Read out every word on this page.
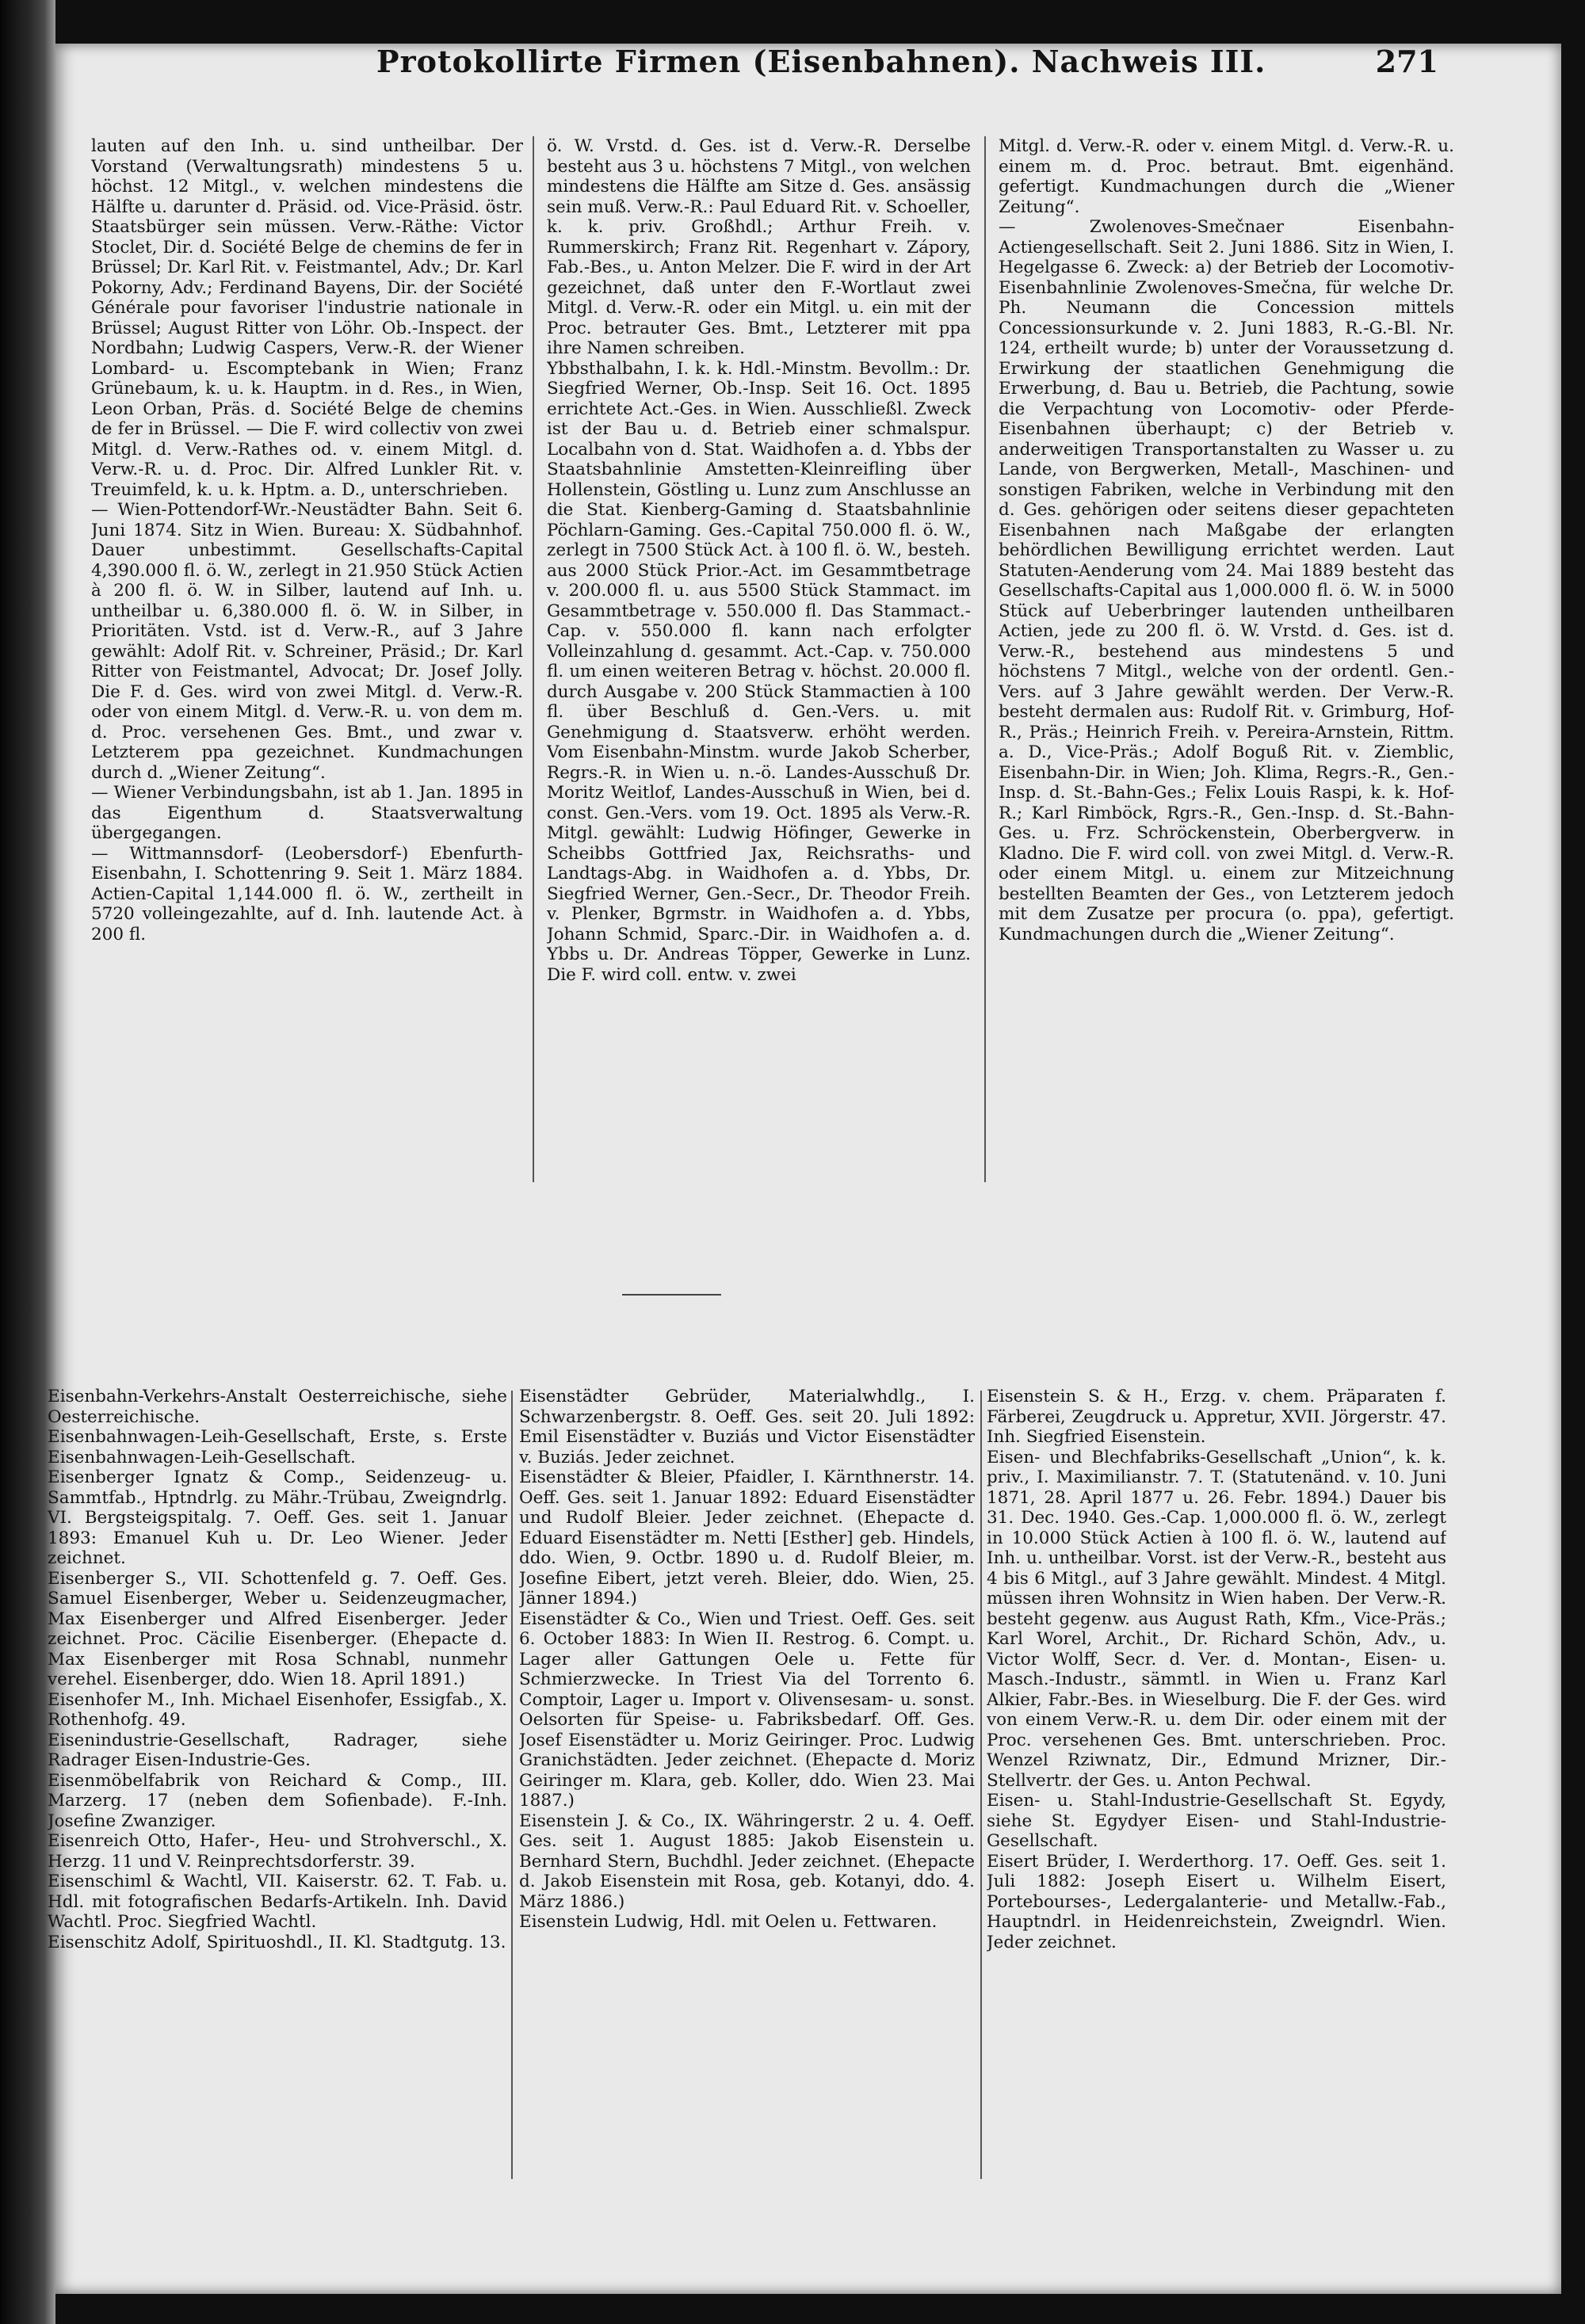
Protokollirte Firmen (Eisenbahnen). Nachweis III.	271

lauten auf den Inh. u. sind untheilbar. Der Vorstand (Verwaltungsrath) mindestens 5 u. höchst. 12 Mitgl., v. welchen mindestens die Hälfte u. darunter d. Präsid. od. Vice-Präsid. östr. Staatsbürger sein müssen. Verw.-Räthe: Victor Stoclet, Dir. d. Société Belge de chemins de fer in Brüssel; Dr. Karl Rit. v. Feistmantel, Adv.; Dr. Karl Pokorny, Adv.; Ferdinand Bayens, Dir. der Société Générale pour favoriser l'industrie nationale in Brüssel; August Ritter von Löhr. Ob.-Inspect. der Nordbahn; Ludwig Caspers, Verw.-R. der Wiener Lombard- u. Escomptebank in Wien; Franz Grünebaum, k. u. k. Hauptm. in d. Res., in Wien, Leon Orban, Präs. d. Société Belge de chemins de fer in Brüssel. — Die F. wird collectiv von zwei Mitgl. d. Verw.-Rathes od. v. einem Mitgl. d. Verw.-R. u. d. Proc. Dir. Alfred Lunkler Rit. v. Treuimfeld, k. u. k. Hptm. a. D., unterschrieben.

— Wien-Pottendorf-Wr.-Neustädter Bahn. Seit 6. Juni 1874. Sitz in Wien. Bureau: X. Südbahnhof. Dauer unbestimmt. Gesellschafts-Capital 4,390.000 fl. ö. W., zerlegt in 21.950 Stück Actien à 200 fl. ö. W. in Silber, lautend auf Inh. u. untheilbar u. 6,380.000 fl. ö. W. in Silber, in Prioritäten. Vstd. ist d. Verw.-R., auf 3 Jahre gewählt: Adolf Rit. v. Schreiner, Präsid.; Dr. Karl Ritter von Feistmantel, Advocat; Dr. Josef Jolly. Die F. d. Ges. wird von zwei Mitgl. d. Verw.-R. oder von einem Mitgl. d. Verw.-R. u. von dem m. d. Proc. versehenen Ges. Bmt., und zwar v. Letzterem ppa gezeichnet. Kundmachungen durch d. „Wiener Zeitung“.

— Wiener Verbindungsbahn, ist ab 1. Jan. 1895 in das Eigenthum d. Staatsverwaltung übergegangen.

— Wittmannsdorf- (Leobersdorf-) Ebenfurth-Eisenbahn, I. Schottenring 9. Seit 1. März 1884. Actien-Capital 1,144.000 fl. ö. W., zertheilt in 5720 volleingezahlte, auf d. Inh. lautende Act. à 200 fl.

ö. W. Vrstd. d. Ges. ist d. Verw.-R. Derselbe besteht aus 3 u. höchstens 7 Mitgl., von welchen mindestens die Hälfte am Sitze d. Ges. ansässig sein muß. Verw.-R.: Paul Eduard Rit. v. Schoeller, k. k. priv. Großhdl.; Arthur Freih. v. Rummerskirch; Franz Rit. Regenhart v. Zápory, Fab.-Bes., u. Anton Melzer. Die F. wird in der Art gezeichnet, daß unter den F.-Wortlaut zwei Mitgl. d. Verw.-R. oder ein Mitgl. u. ein mit der Proc. betrauter Ges. Bmt., Letzterer mit ppa ihre Namen schreiben.

Ybbsthalbahn, I. k. k. Hdl.-Minstm. Bevollm.: Dr. Siegfried Werner, Ob.-Insp. Seit 16. Oct. 1895 errichtete Act.-Ges. in Wien. Ausschließl. Zweck ist der Bau u. d. Betrieb einer schmalspur. Localbahn von d. Stat. Waidhofen a. d. Ybbs der Staatsbahnlinie Amstetten-Kleinreifling über Hollenstein, Göstling u. Lunz zum Anschlusse an die Stat. Kienberg-Gaming d. Staatsbahnlinie Pöchlarn-Gaming. Ges.-Capital 750.000 fl. ö. W., zerlegt in 7500 Stück Act. à 100 fl. ö. W., besteh. aus 2000 Stück Prior.-Act. im Gesammtbetrage v. 200.000 fl. u. aus 5500 Stück Stammact. im Gesammtbetrage v. 550.000 fl. Das Stammact.-Cap. v. 550.000 fl. kann nach erfolgter Volleinzahlung d. gesammt. Act.-Cap. v. 750.000 fl. um einen weiteren Betrag v. höchst. 20.000 fl. durch Ausgabe v. 200 Stück Stammactien à 100 fl. über Beschluß d. Gen.-Vers. u. mit Genehmigung d. Staatsverw. erhöht werden. Vom Eisenbahn-Minstm. wurde Jakob Scherber, Regrs.-R. in Wien u. n.-ö. Landes-Ausschuß Dr. Moritz Weitlof, Landes-Ausschuß in Wien, bei d. const. Gen.-Vers. vom 19. Oct. 1895 als Verw.-R. Mitgl. gewählt: Ludwig Höfinger, Gewerke in Scheibbs Gottfried Jax, Reichsraths- und Landtags-Abg. in Waidhofen a. d. Ybbs, Dr. Siegfried Werner, Gen.-Secr., Dr. Theodor Freih. v. Plenker, Bgrmstr. in Waidhofen a. d. Ybbs, Johann Schmid, Sparc.-Dir. in Waidhofen a. d. Ybbs u. Dr. Andreas Töpper, Gewerke in Lunz. Die F. wird coll. entw. v. zwei

Mitgl. d. Verw.-R. oder v. einem Mitgl. d. Verw.-R. u. einem m. d. Proc. betraut. Bmt. eigenhänd. gefertigt. Kundmachungen durch die „Wiener Zeitung“.

— Zwolenoves-Smečnaer Eisenbahn-Actiengesellschaft. Seit 2. Juni 1886. Sitz in Wien, I. Hegelgasse 6. Zweck: a) der Betrieb der Locomotiv-Eisenbahnlinie Zwolenoves-Smečna, für welche Dr. Ph. Neumann die Concession mittels Concessionsurkunde v. 2. Juni 1883, R.-G.-Bl. Nr. 124, ertheilt wurde; b) unter der Voraussetzung d. Erwirkung der staatlichen Genehmigung die Erwerbung, d. Bau u. Betrieb, die Pachtung, sowie die Verpachtung von Locomotiv- oder Pferde-Eisenbahnen überhaupt; c) der Betrieb v. anderweitigen Transportanstalten zu Wasser u. zu Lande, von Bergwerken, Metall-, Maschinen- und sonstigen Fabriken, welche in Verbindung mit den d. Ges. gehörigen oder seitens dieser gepachteten Eisenbahnen nach Maßgabe der erlangten behördlichen Bewilligung errichtet werden. Laut Statuten-Aenderung vom 24. Mai 1889 besteht das Gesellschafts-Capital aus 1,000.000 fl. ö. W. in 5000 Stück auf Ueberbringer lautenden untheilbaren Actien, jede zu 200 fl. ö. W. Vrstd. d. Ges. ist d. Verw.-R., bestehend aus mindestens 5 und höchstens 7 Mitgl., welche von der ordentl. Gen.-Vers. auf 3 Jahre gewählt werden. Der Verw.-R. besteht dermalen aus: Rudolf Rit. v. Grimburg, Hof-R., Präs.; Heinrich Freih. v. Pereira-Arnstein, Rittm. a. D., Vice-Präs.; Adolf Boguß Rit. v. Ziemblic, Eisenbahn-Dir. in Wien; Joh. Klima, Regrs.-R., Gen.-Insp. d. St.-Bahn-Ges.; Felix Louis Raspi, k. k. Hof-R.; Karl Rimböck, Rgrs.-R., Gen.-Insp. d. St.-Bahn-Ges. u. Frz. Schröckenstein, Oberbergverw. in Kladno. Die F. wird coll. von zwei Mitgl. d. Verw.-R. oder einem Mitgl. u. einem zur Mitzeichnung bestellten Beamten der Ges., von Letzterem jedoch mit dem Zusatze per procura (o. ppa), gefertigt. Kundmachungen durch die „Wiener Zeitung“.

Eisenbahn-Verkehrs-Anstalt Oesterreichische, siehe Oesterreichische.

Eisenbahnwagen-Leih-Gesellschaft, Erste, s. Erste Eisenbahnwagen-Leih-Gesellschaft.

Eisenberger Ignatz & Comp., Seidenzeug- u. Sammtfab., Hptndrlg. zu Mähr.-Trübau, Zweigndrlg. VI. Bergsteigspitalg. 7. Oeff. Ges. seit 1. Januar 1893: Emanuel Kuh u. Dr. Leo Wiener. Jeder zeichnet.

Eisenberger S., VII. Schottenfeld g. 7. Oeff. Ges. Samuel Eisenberger, Weber u. Seidenzeugmacher, Max Eisenberger und Alfred Eisenberger. Jeder zeichnet. Proc. Cäcilie Eisenberger. (Ehepacte d. Max Eisenberger mit Rosa Schnabl, nunmehr verehel. Eisenberger, ddo. Wien 18. April 1891.)

Eisenhofer M., Inh. Michael Eisenhofer, Essigfab., X. Rothenhofg. 49.

Eisenindustrie-Gesellschaft, Radrager, siehe Radrager Eisen-Industrie-Ges.

Eisenmöbelfabrik von Reichard & Comp., III. Marzerg. 17 (neben dem Sofienbade). F.-Inh. Josefine Zwanziger.

Eisenreich Otto, Hafer-, Heu- und Strohverschl., X. Herzg. 11 und V. Reinprechtsdorferstr. 39.

Eisenschiml & Wachtl, VII. Kaiserstr. 62. T. Fab. u. Hdl. mit fotografischen Bedarfs-Artikeln. Inh. David Wachtl. Proc. Siegfried Wachtl.

Eisenschitz Adolf, Spirituoshdl., II. Kl. Stadtgutg. 13.

Eisenstädter Gebrüder, Materialwhdlg., I. Schwarzenbergstr. 8. Oeff. Ges. seit 20. Juli 1892: Emil Eisenstädter v. Buziás und Victor Eisenstädter v. Buziás. Jeder zeichnet.

Eisenstädter & Bleier, Pfaidler, I. Kärnthnerstr. 14. Oeff. Ges. seit 1. Januar 1892: Eduard Eisenstädter und Rudolf Bleier. Jeder zeichnet. (Ehepacte d. Eduard Eisenstädter m. Netti [Esther] geb. Hindels, ddo. Wien, 9. Octbr. 1890 u. d. Rudolf Bleier, m. Josefine Eibert, jetzt vereh. Bleier, ddo. Wien, 25. Jänner 1894.)

Eisenstädter & Co., Wien und Triest. Oeff. Ges. seit 6. October 1883: In Wien II. Restrog. 6. Compt. u. Lager aller Gattungen Oele u. Fette für Schmierzwecke. In Triest Via del Torrento 6. Comptoir, Lager u. Import v. Olivensesam- u. sonst. Oelsorten für Speise- u. Fabriksbedarf. Off. Ges. Josef Eisenstädter u. Moriz Geiringer. Proc. Ludwig Granichstädten. Jeder zeichnet. (Ehepacte d. Moriz Geiringer m. Klara, geb. Koller, ddo. Wien 23. Mai 1887.)

Eisenstein J. & Co., IX. Währingerstr. 2 u. 4. Oeff. Ges. seit 1. August 1885: Jakob Eisenstein u. Bernhard Stern, Buchdhl. Jeder zeichnet. (Ehepacte d. Jakob Eisenstein mit Rosa, geb. Kotanyi, ddo. 4. März 1886.)

Eisenstein Ludwig, Hdl. mit Oelen u. Fettwaren.

Eisenstein S. & H., Erzg. v. chem. Präparaten f. Färberei, Zeugdruck u. Appretur, XVII. Jörgerstr. 47. Inh. Siegfried Eisenstein.

Eisen- und Blechfabriks-Gesellschaft „Union“, k. k. priv., I. Maximilianstr. 7. T. (Statutenänd. v. 10. Juni 1871, 28. April 1877 u. 26. Febr. 1894.) Dauer bis 31. Dec. 1940. Ges.-Cap. 1,000.000 fl. ö. W., zerlegt in 10.000 Stück Actien à 100 fl. ö. W., lautend auf Inh. u. untheilbar. Vorst. ist der Verw.-R., besteht aus 4 bis 6 Mitgl., auf 3 Jahre gewählt. Mindest. 4 Mitgl. müssen ihren Wohnsitz in Wien haben. Der Verw.-R. besteht gegenw. aus August Rath, Kfm., Vice-Präs.; Karl Worel, Archit., Dr. Richard Schön, Adv., u. Victor Wolff, Secr. d. Ver. d. Montan-, Eisen- u. Masch.-Industr., sämmtl. in Wien u. Franz Karl Alkier, Fabr.-Bes. in Wieselburg. Die F. der Ges. wird von einem Verw.-R. u. dem Dir. oder einem mit der Proc. versehenen Ges. Bmt. unterschrieben. Proc. Wenzel Rziwnatz, Dir., Edmund Mrizner, Dir.-Stellvertr. der Ges. u. Anton Pechwal.

Eisen- u. Stahl-Industrie-Gesellschaft St. Egydy, siehe St. Egydyer Eisen- und Stahl-Industrie-Gesellschaft.

Eisert Brüder, I. Werderthorg. 17. Oeff. Ges. seit 1. Juli 1882: Joseph Eisert u. Wilhelm Eisert, Portebourses-, Ledergalanterie- und Metallw.-Fab., Hauptndrl. in Heidenreichstein, Zweigndrl. Wien. Jeder zeichnet.
